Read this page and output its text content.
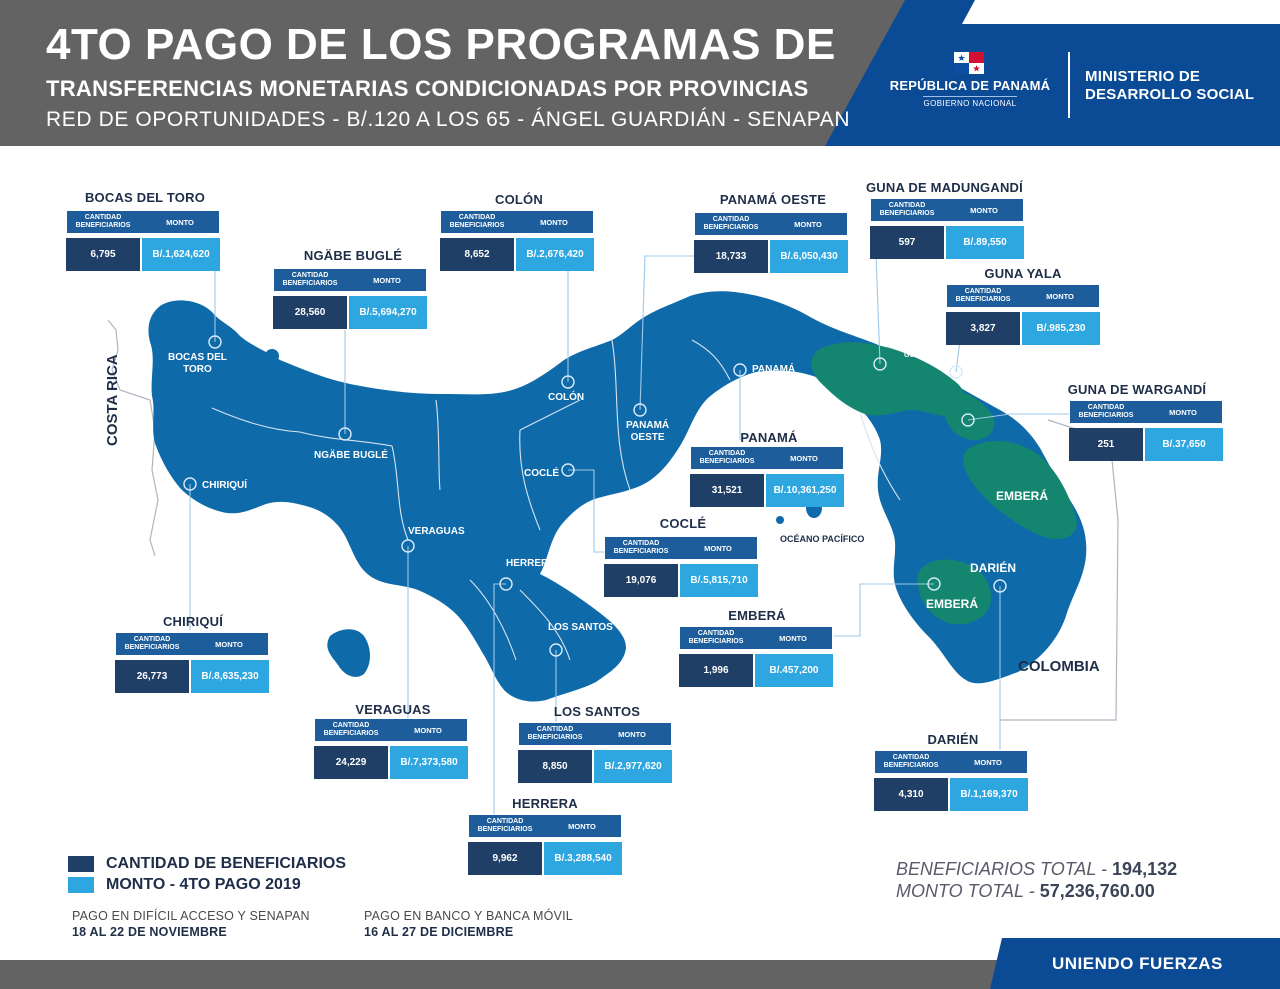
4TO PAGO DE LOS PROGRAMAS DE
TRANSFERENCIAS MONETARIAS CONDICIONADAS POR PROVINCIAS
RED DE OPORTUNIDADES - B/.120 A LOS 65 - ÁNGEL GUARDIÁN - SENAPAN
REPÚBLICA DE PANAMÁ
GOBIERNO NACIONAL
MINISTERIO DE
DESARROLLO SOCIAL
BOCAS DEL
TORO
NGÄBE BUGLÉ
CHIRIQUÍ
VERAGUAS
HERRERA
LOS SANTOS
COCLÉ
COLÓN
PANAMÁ
OESTE
PANAMÁ
GUNA YALA
EMBERÁ
EMBERÁ
DARIÉN
COSTA RICA
COLOMBIA
OCÉANO PACÍFICO
BOCAS DEL TORO
CANTIDAD BENEFICIARIOS	MONTO
6,795	B/.1,624,620	NGÄBE BUGLÉ
CANTIDAD BENEFICIARIOS	MONTO
28,560	B/.5,694,270
COLÓN
CANTIDAD BENEFICIARIOS	MONTO
8,652	B/.2,676,420
PANAMÁ OESTE
CANTIDAD BENEFICIARIOS	MONTO
18,733	B/.6,050,430
GUNA DE MADUNGANDÍ
CANTIDAD BENEFICIARIOS	MONTO
597	B/.89,550
GUNA YALA
CANTIDAD BENEFICIARIOS	MONTO
3,827	B/.985,230
GUNA DE WARGANDÍ
CANTIDAD BENEFICIARIOS	MONTO
251	B/.37,650
PANAMÁ
CANTIDAD BENEFICIARIOS	MONTO
31,521	B/.10,361,250
COCLÉ
CANTIDAD BENEFICIARIOS	MONTO
19,076	B/.5,815,710
EMBERÁ
CANTIDAD BENEFICIARIOS	MONTO
1,996	B/.457,200
CHIRIQUÍ
CANTIDAD BENEFICIARIOS	MONTO
26,773	B/.8,635,230
VERAGUAS
CANTIDAD BENEFICIARIOS	MONTO
24,229	B/.7,373,580
LOS SANTOS
CANTIDAD BENEFICIARIOS	MONTO
8,850	B/.2,977,620
HERRERA
CANTIDAD BENEFICIARIOS	MONTO
9,962	B/.3,288,540
DARIÉN
CANTIDAD BENEFICIARIOS	MONTO
4,310	B/.1,169,370
CANTIDAD DE BENEFICIARIOS
MONTO - 4TO PAGO 2019
PAGO EN DIFÍCIL ACCESO Y SENAPAN
18 AL 22 DE NOVIEMBRE
PAGO EN BANCO Y BANCA MÓVIL
16 AL 27 DE DICIEMBRE
BENEFICIARIOS TOTAL - 194,132
MONTO TOTAL - 57,236,760.00
UNIENDO FUERZAS
